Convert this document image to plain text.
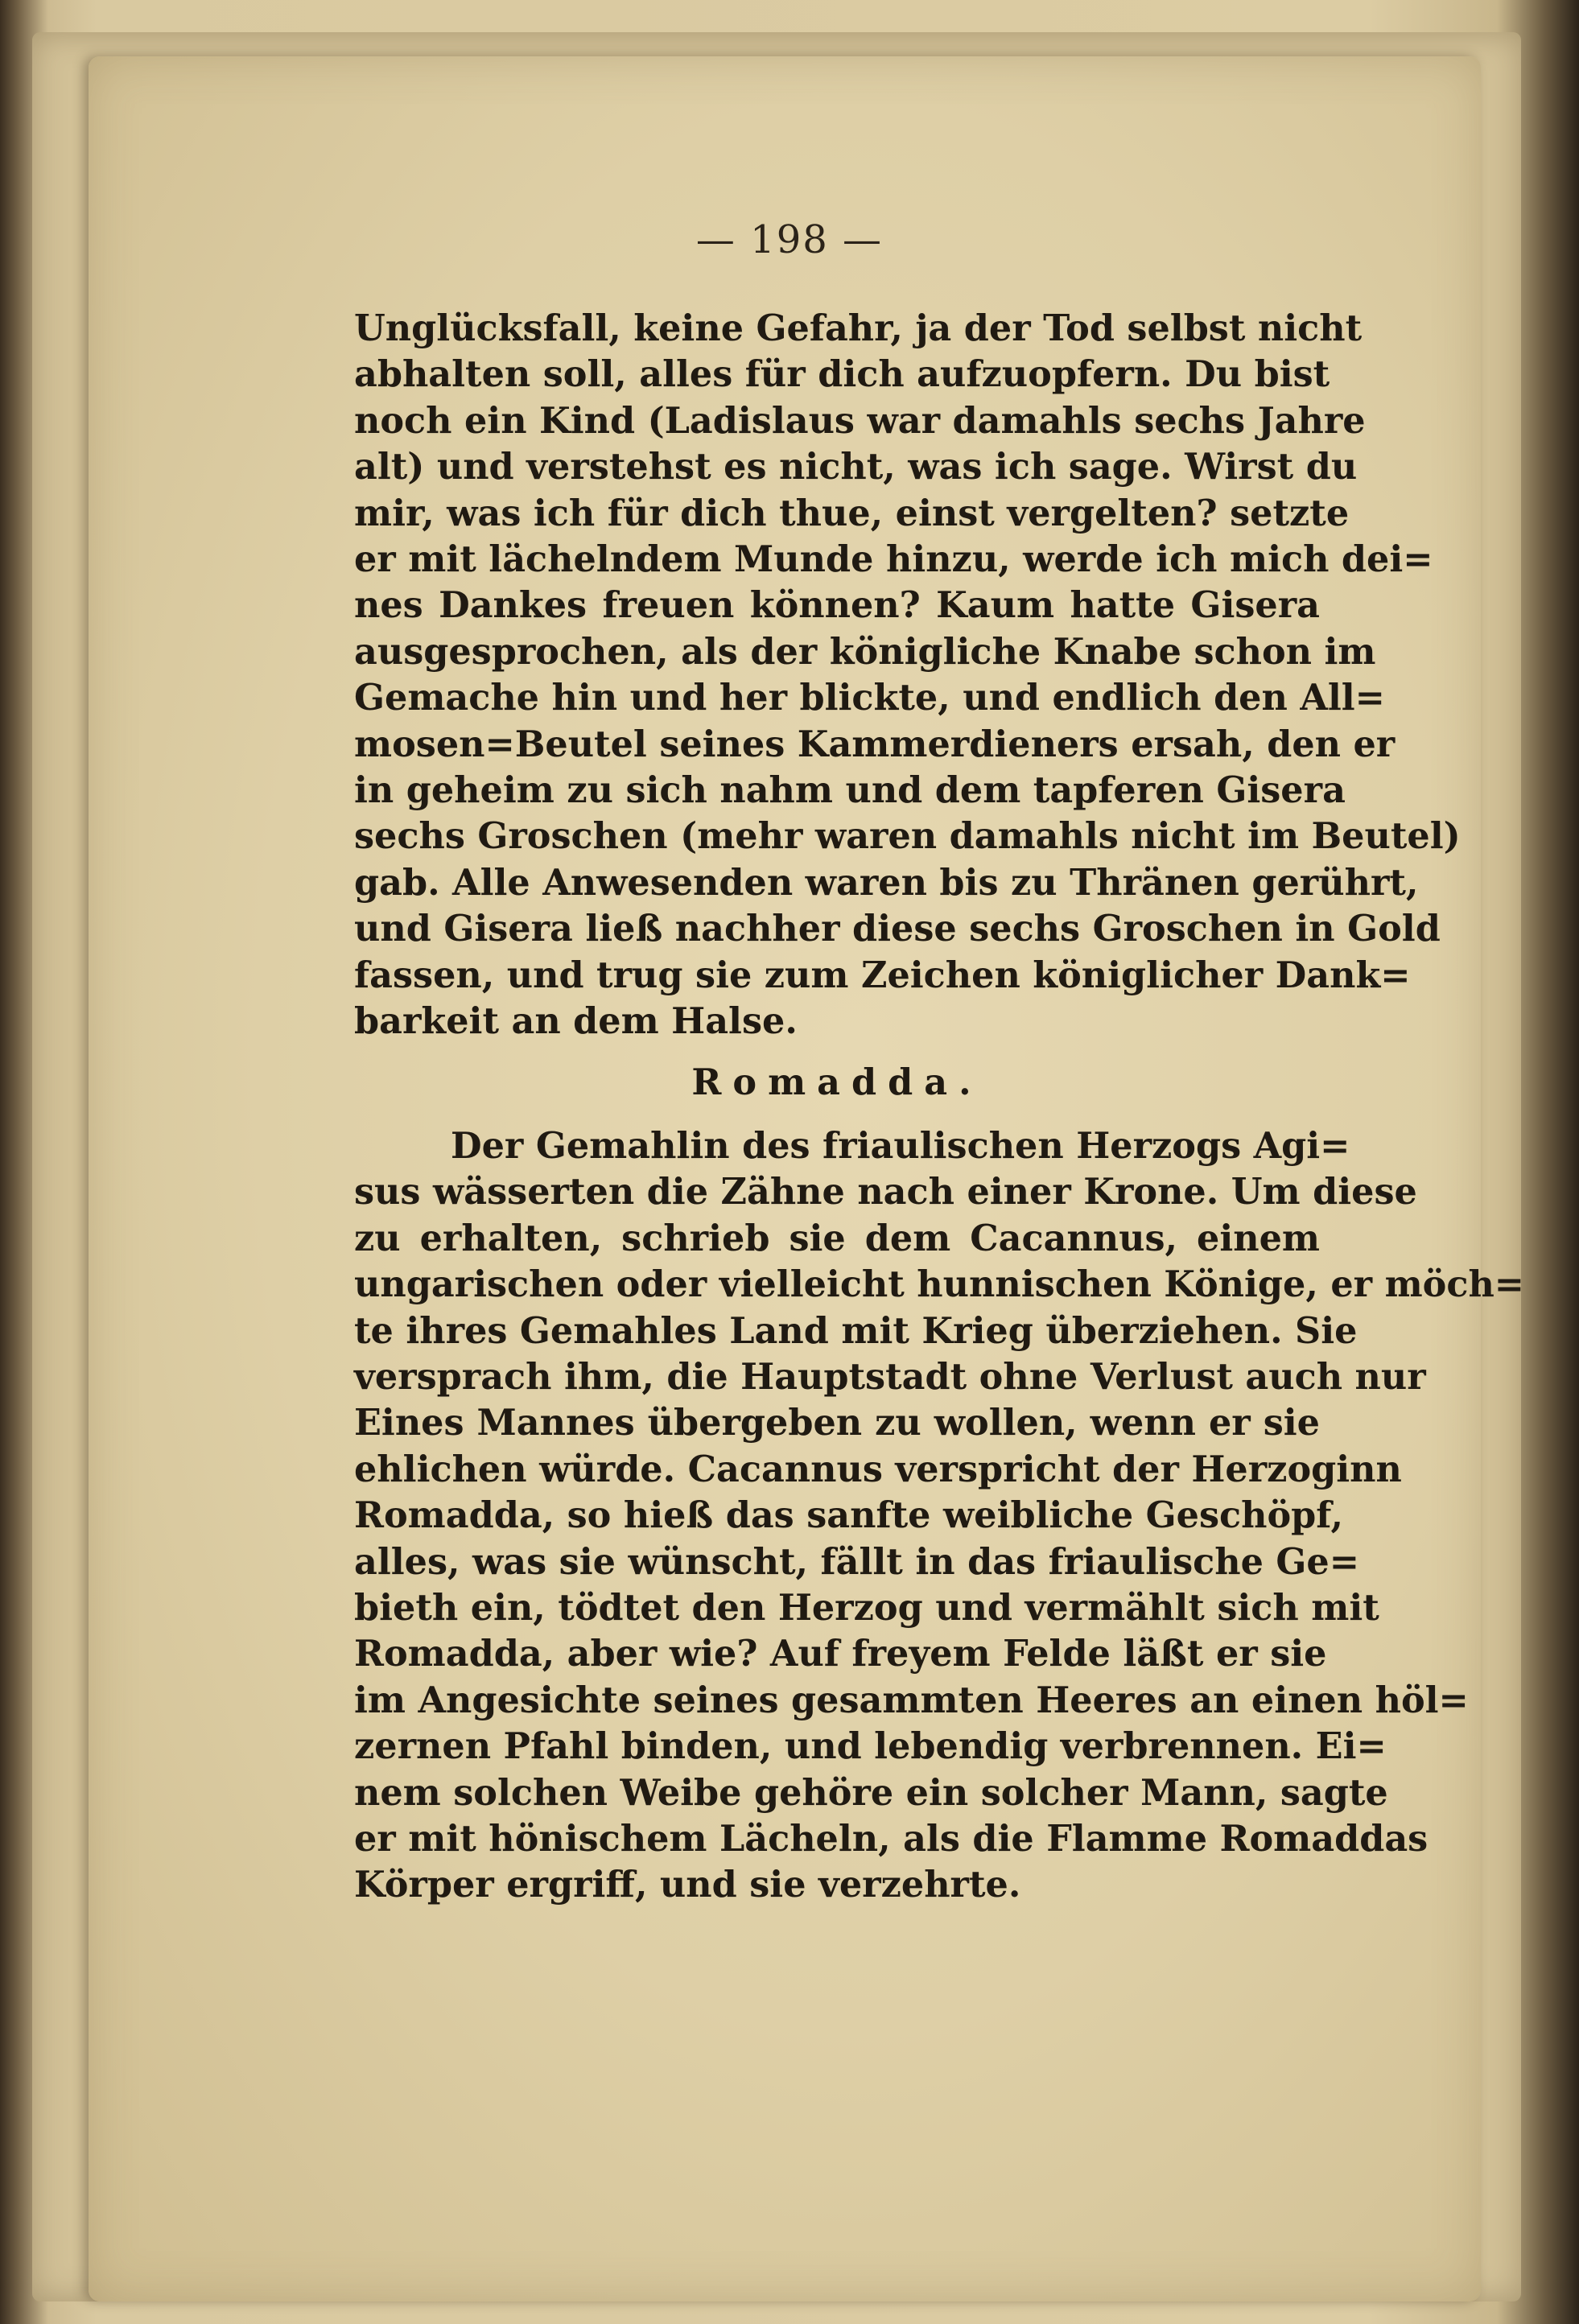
— 198 —
Unglücksfall, keine Gefahr, ja der Tod selbst nicht
abhalten soll, alles für dich aufzuopfern. Du bist
noch ein Kind (Ladislaus war damahls sechs Jahre
alt) und verstehst es nicht, was ich sage. Wirst du
mir, was ich für dich thue, einst vergelten? setzte
er mit lächelndem Munde hinzu, werde ich mich dei=
nes Dankes freuen können? Kaum hatte Gisera
ausgesprochen, als der königliche Knabe schon im
Gemache hin und her blickte, und endlich den All=
mosen=Beutel seines Kammerdieners ersah, den er
in geheim zu sich nahm und dem tapferen Gisera
sechs Groschen (mehr waren damahls nicht im Beutel)
gab. Alle Anwesenden waren bis zu Thränen gerührt,
und Gisera ließ nachher diese sechs Groschen in Gold
fassen, und trug sie zum Zeichen königlicher Dank=
barkeit an dem Halse.
Romadda.
Der Gemahlin des friaulischen Herzogs Agi=
sus wässerten die Zähne nach einer Krone. Um diese
zu erhalten, schrieb sie dem Cacannus, einem
ungarischen oder vielleicht hunnischen Könige, er möch=
te ihres Gemahles Land mit Krieg überziehen. Sie
versprach ihm, die Hauptstadt ohne Verlust auch nur
Eines Mannes übergeben zu wollen, wenn er sie
ehlichen würde. Cacannus verspricht der Herzoginn
Romadda, so hieß das sanfte weibliche Geschöpf,
alles, was sie wünscht, fällt in das friaulische Ge=
bieth ein, tödtet den Herzog und vermählt sich mit
Romadda, aber wie? Auf freyem Felde läßt er sie
im Angesichte seines gesammten Heeres an einen höl=
zernen Pfahl binden, und lebendig verbrennen. Ei=
nem solchen Weibe gehöre ein solcher Mann, sagte
er mit hönischem Lächeln, als die Flamme Romaddas
Körper ergriff, und sie verzehrte.
